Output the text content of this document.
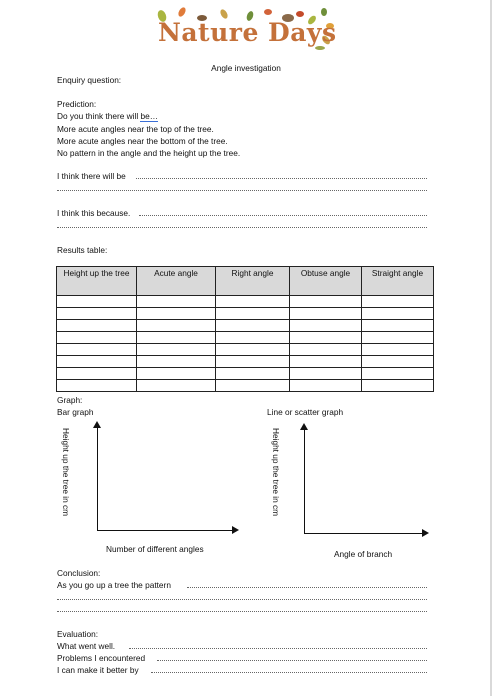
Nature Days
Angle investigation
Enquiry question:
Prediction:
Do you think there will be…
More acute angles near the top of the tree.
More acute angles near the bottom of the tree.
No pattern in the angle and the height up the tree.
I think there will be
I think this because.
Results table:
Height up the tree	Acute angle	Right angle	Obtuse angle	Straight angle

Graph:
Bar graph	Line or scatter graph
Height up the tree in cm
Number of different angles
Height up the tree in cm
Angle of branch
Conclusion:
As you go up a tree the pattern
Evaluation:
What went well.
Problems I encountered
I can make it better by
